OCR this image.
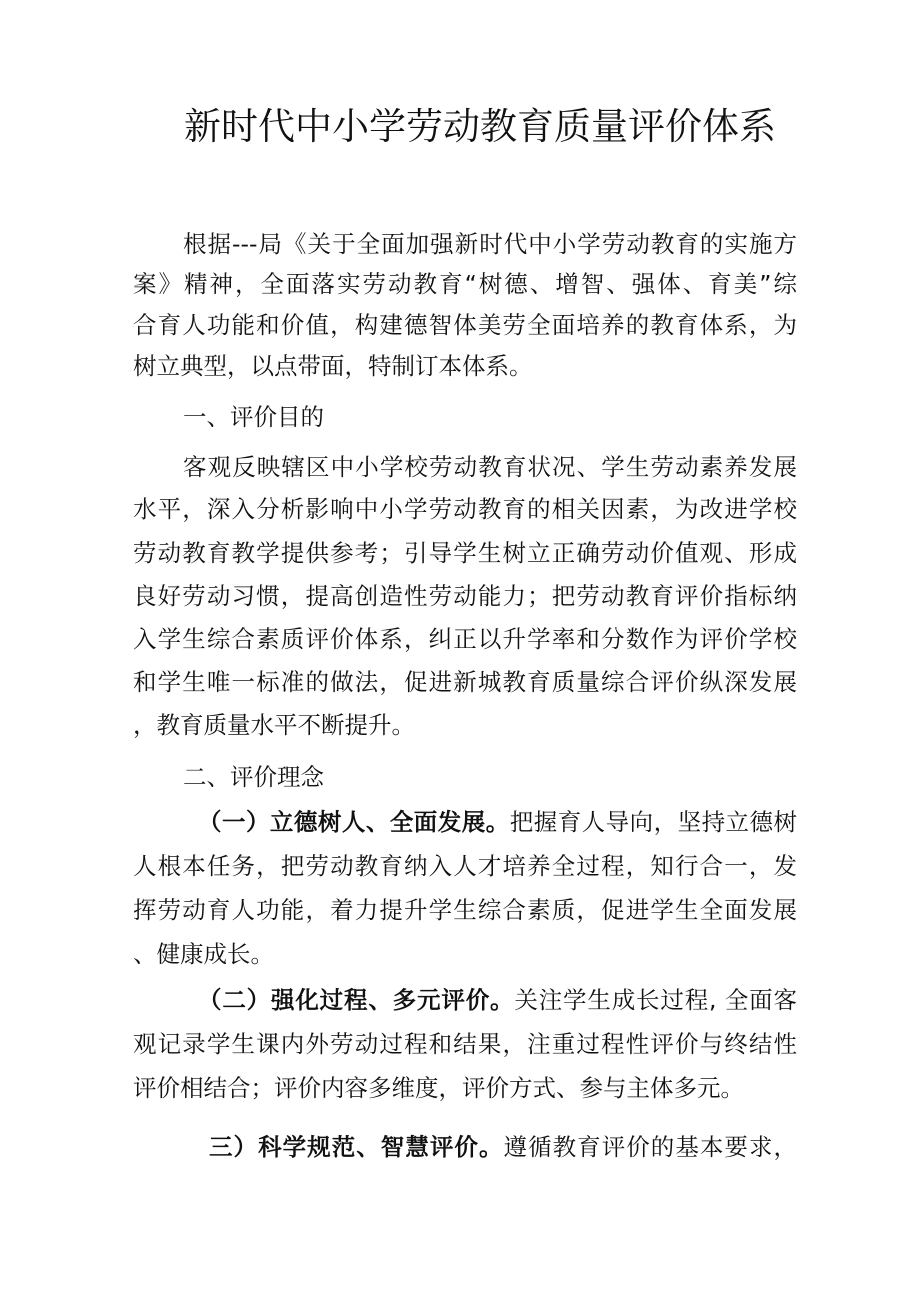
新时代中小学劳动教育质量评价体系

根据---局《关于全面加强新时代中小学劳动教育的实施方

案》精神，全面落实劳动教育“树德、增智、强体、育美”综

合育人功能和价值，构建德智体美劳全面培养的教育体系，为

树立典型，以点带面，特制订本体系。

一、评价目的

客观反映辖区中小学校劳动教育状况、学生劳动素养发展

水平，深入分析影响中小学劳动教育的相关因素，为改进学校

劳动教育教学提供参考；引导学生树立正确劳动价值观、形成

良好劳动习惯，提高创造性劳动能力；把劳动教育评价指标纳

入学生综合素质评价体系，纠正以升学率和分数作为评价学校

和学生唯一标准的做法，促进新城教育质量综合评价纵深发展

，教育质量水平不断提升。

二、评价理念

（一）立德树人、全面发展。把握育人导向，坚持立德树

人根本任务，把劳动教育纳入人才培养全过程，知行合一，发

挥劳动育人功能，着力提升学生综合素质，促进学生全面发展

、健康成长。

（二）强化过程、多元评价。关注学生成长过程, 全面客

观记录学生课内外劳动过程和结果，注重过程性评价与终结性

评价相结合；评价内容多维度，评价方式、参与主体多元。

三）科学规范、智慧评价。遵循教育评价的基本要求，
